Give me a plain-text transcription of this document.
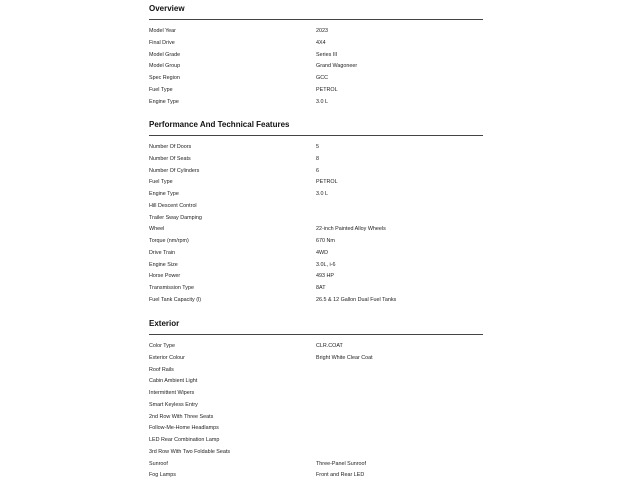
Overview
Model Year	2023
Final Drive	4X4
Model Grade	Series III
Model Group	Grand Wagoneer
Spec Region	GCC
Fuel Type	PETROL
Engine Type	3.0 L
Performance And Technical Features
Number Of Doors	5
Number Of Seats	8
Number Of Cylinders	6
Fuel Type	PETROL
Engine Type	3.0 L
Hill Descent Control
Trailer Sway Damping
Wheel	22-inch Painted Alloy Wheels
Torque (nm/rpm)	670 Nm
Drive Train	4WD
Engine Size	3.0L, i-6
Horse Power	493 HP
Transmission Type	8AT
Fuel Tank Capacity (l)	26.5 & 12 Gallon Dual Fuel Tanks
Exterior
Color Type	CLR.COAT
Exterior Colour	Bright White Clear Coat
Roof Rails
Cabin Ambient Light
Intermittent Wipers
Smart Keyless Entry
2nd Row With Three Seats
Follow-Me-Home Headlamps
LED Rear Combination Lamp
3rd Row With Two Foldable Seats
Sunroof	Three-Panel Sunroof
Fog Lamps	Front and Rear LED
